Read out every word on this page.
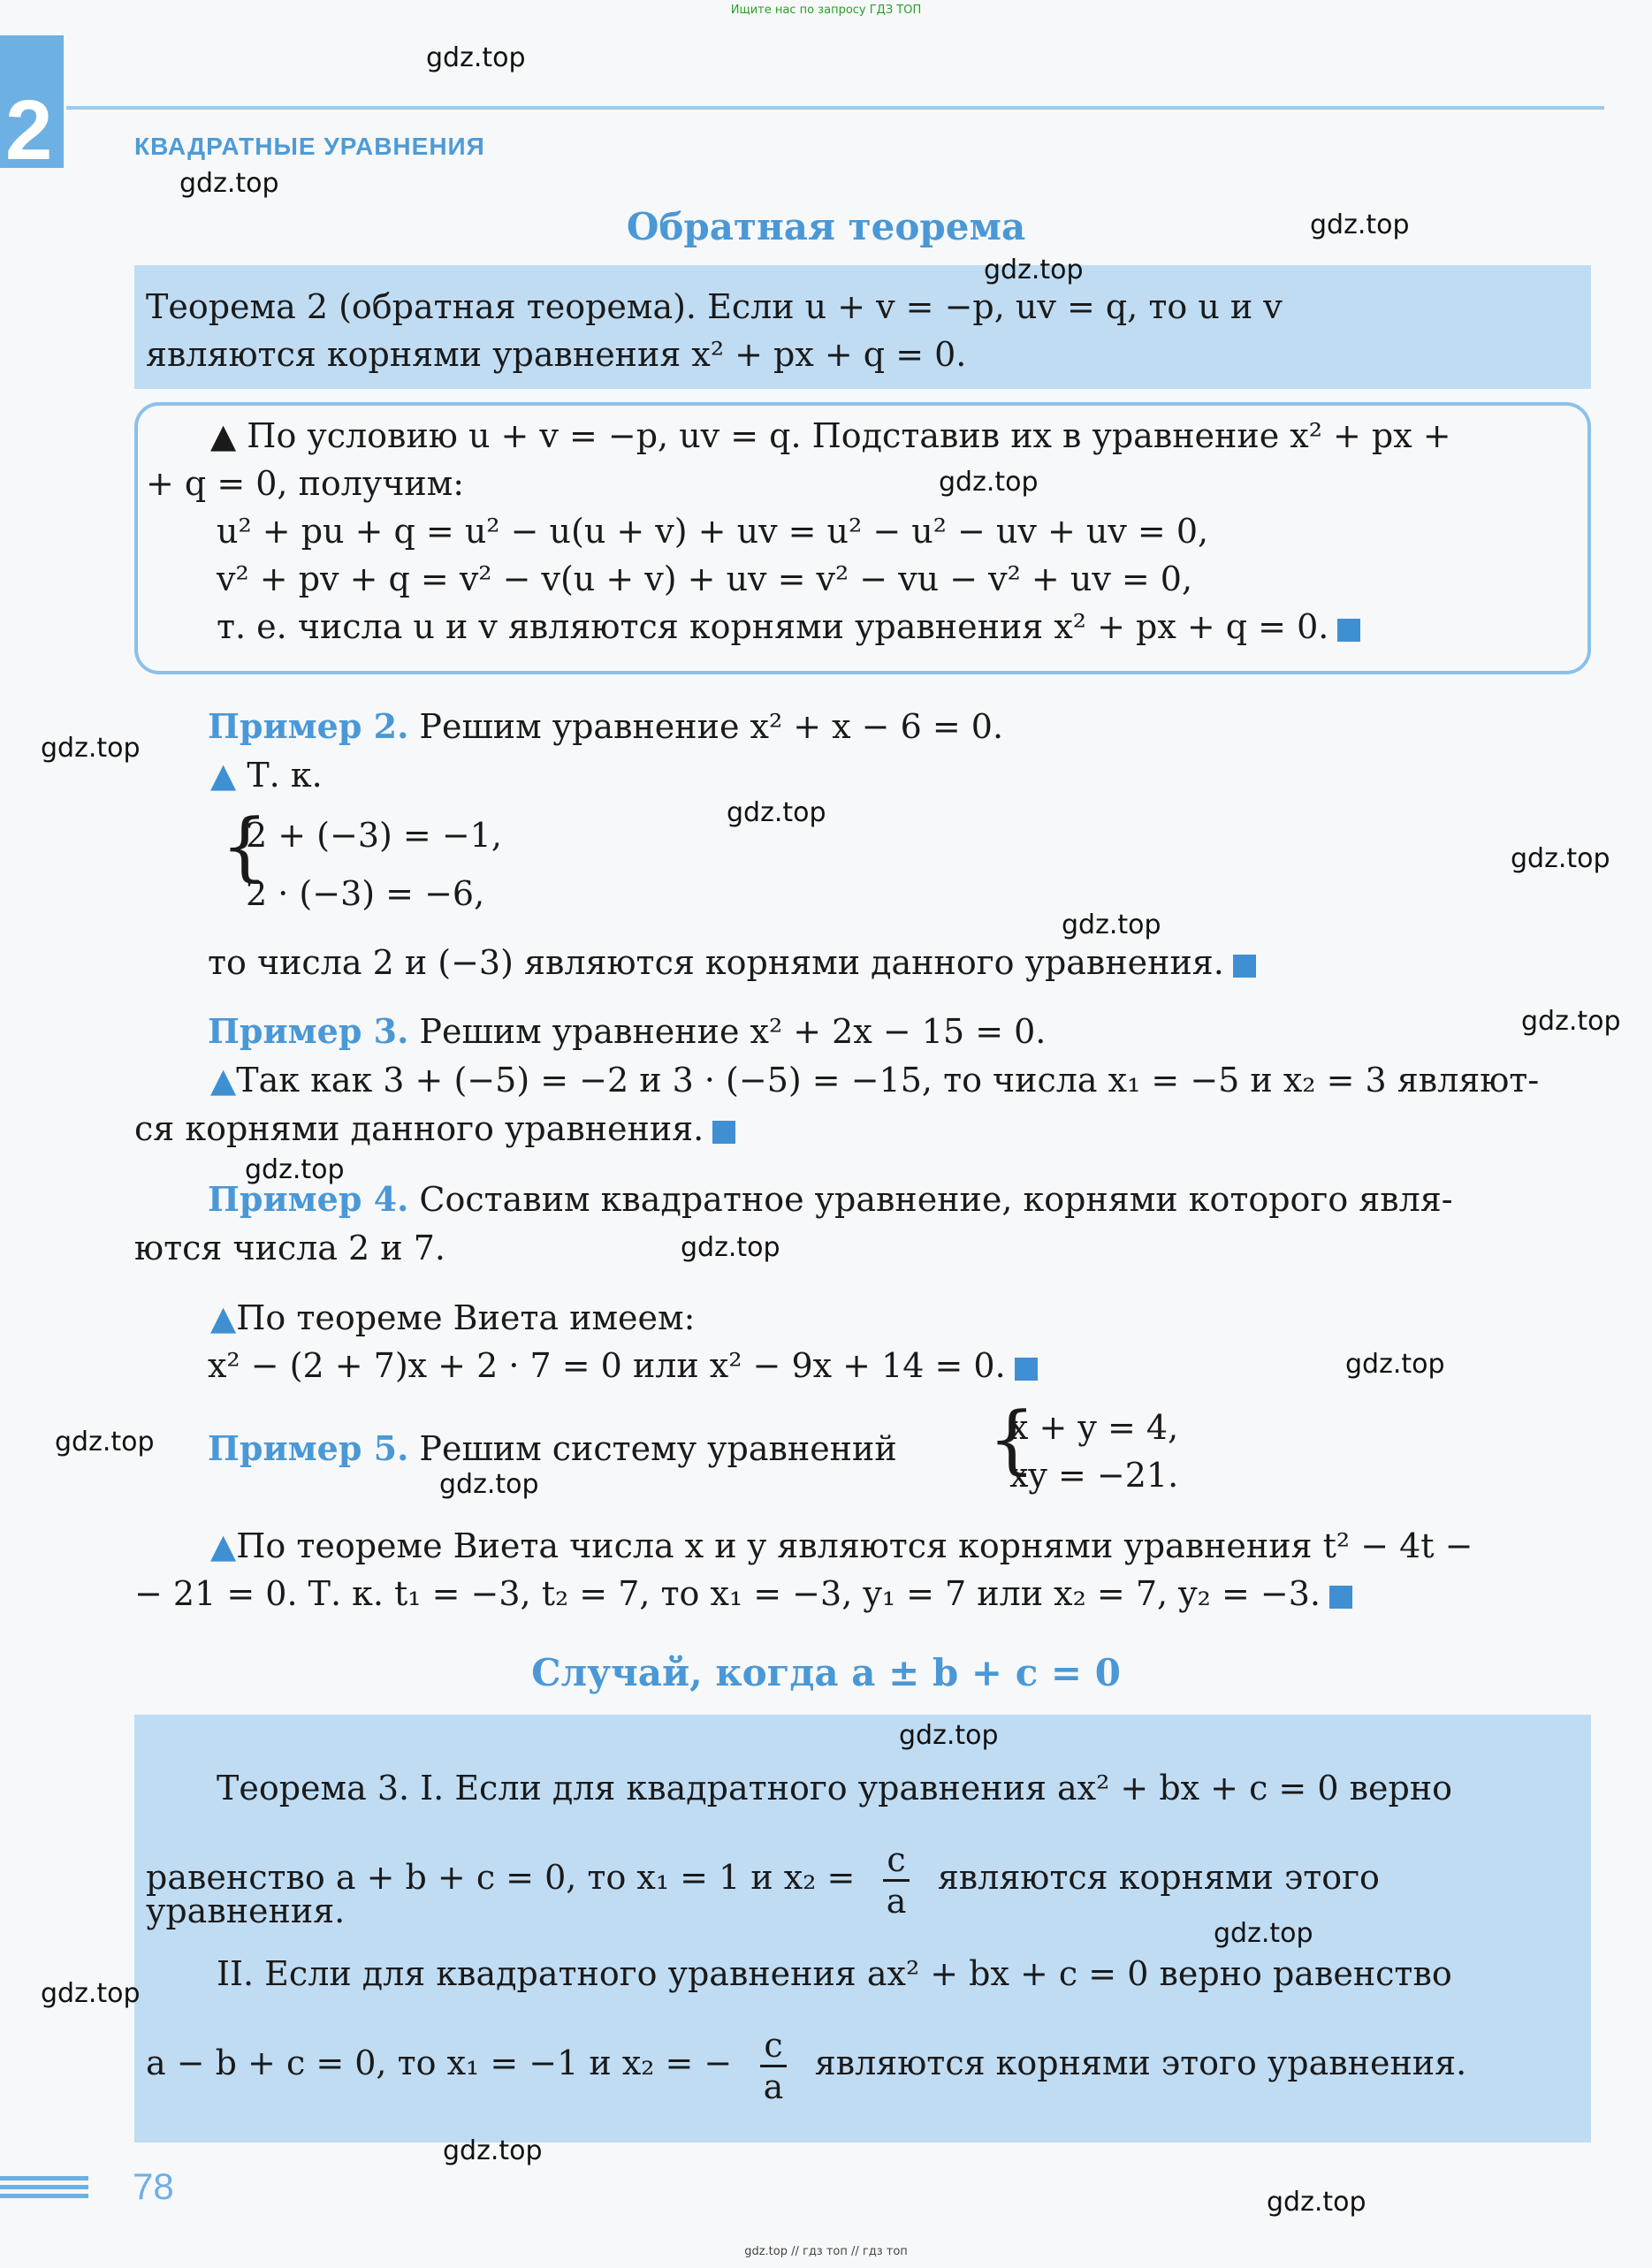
Ищите нас по запросу ГДЗ ТОП
gdz.top // гдз топ // гдз топ
2	КВАДРАТНЫЕ УРАВНЕНИЯ
Обратная теорема
Теорема 2 (обратная теорема). Если u + v = −p, uv = q, то u и v
являются корнями уравнения x² + px + q = 0.
▲ По условию u + v = −p, uv = q. Подставив их в уравнение x² + px +
+ q = 0, получим:
u² + pu + q = u² − u(u + v) + uv = u² − u² − uv + uv = 0,
v² + pv + q = v² − v(u + v) + uv = v² − vu − v² + uv = 0,
т. е. числа u и v являются корнями уравнения x² + px + q = 0.
Пример 2. Решим уравнение x² + x − 6 = 0.
▲ Т. к.
{
2 + (−3) = −1,
2 · (−3) = −6,
то числа 2 и (−3) являются корнями данного уравнения.
Пример 3. Решим уравнение x² + 2x − 15 = 0.
▲Так как 3 + (−5) = −2 и 3 · (−5) = −15, то числа x₁ = −5 и x₂ = 3 являют-
ся корнями данного уравнения.
Пример 4. Составим квадратное уравнение, корнями которого явля-
ются числа 2 и 7.
▲По теореме Виета имеем:
x² − (2 + 7)x + 2 · 7 = 0 или x² − 9x + 14 = 0.
Пример 5. Решим систему уравнений {
x + y = 4,
xy = −21.
▲По теореме Виета числа x и y являются корнями уравнения t² − 4t −
− 21 = 0. Т. к. t₁ = −3, t₂ = 7, то x₁ = −3, y₁ = 7 или x₂ = 7, y₂ = −3.
Случай, когда a ± b + c = 0
Теорема 3. I. Если для квадратного уравнения ax² + bx + c = 0 верно
равенство a + b + c = 0, то x₁ = 1 и $x_2 = \frac{c}{a}$ являются корнями этого
уравнения.
II. Если для квадратного уравнения ax² + bx + c = 0 верно равенство
a − b + c = 0, то x₁ = −1 и x₂ = − $\frac{c}{a}$ являются корнями этого уравнения.
78
gdz.top
gdz.top
gdz.top
gdz.top
gdz.top
gdz.top
gdz.top
gdz.top
gdz.top
gdz.top
gdz.top
gdz.top
gdz.top
gdz.top
gdz.top
gdz.top
gdz.top
gdz.top
gdz.top
gdz.top
